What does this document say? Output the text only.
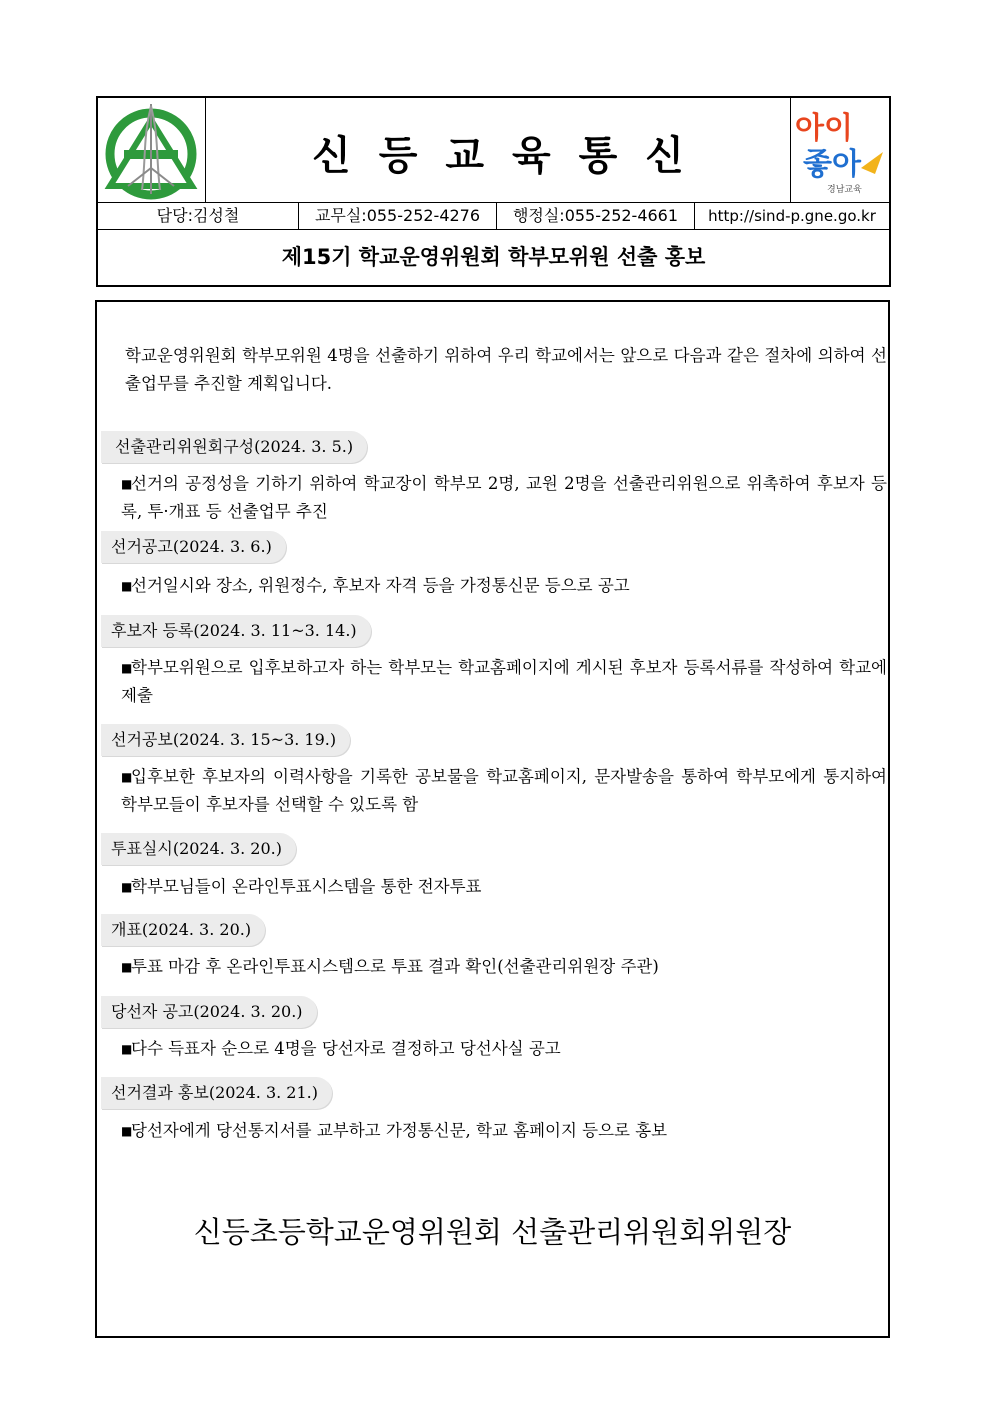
신등교육통신
아이
좋아
경남교육
담당:김성철	교무실:055-252-4276	행정실:055-252-4661	http://sind-p.gne.go.kr
제15기 학교운영위원회 학부모위원 선출 홍보
학교운영위원회 학부모위원 4명을 선출하기 위하여 우리 학교에서는 앞으로 다음과 같은 절차에 의하여 선출업무를 추진할 계획입니다.
선출관리위원회구성(2024. 3. 5.)
■선거의 공정성을 기하기 위하여 학교장이 학부모 2명, 교원 2명을 선출관리위원으로 위촉하여 후보자 등록, 투·개표 등 선출업무 추진
선거공고(2024. 3. 6.)
■선거일시와 장소, 위원정수, 후보자 자격 등을 가정통신문 등으로 공고
후보자 등록(2024. 3. 11~3. 14.)
■학부모위원으로 입후보하고자 하는 학부모는 학교홈페이지에 게시된 후보자 등록서류를 작성하여 학교에 제출
선거공보(2024. 3. 15~3. 19.)
■입후보한 후보자의 이력사항을 기록한 공보물을 학교홈페이지, 문자발송을 통하여 학부모에게 통지하여 학부모들이 후보자를 선택할 수 있도록 함
투표실시(2024. 3. 20.)
■학부모님들이 온라인투표시스템을 통한 전자투표
개표(2024. 3. 20.)
■투표 마감 후 온라인투표시스템으로 투표 결과 확인(선출관리위원장 주관)
당선자 공고(2024. 3. 20.)
■다수 득표자 순으로 4명을 당선자로 결정하고 당선사실 공고
선거결과 홍보(2024. 3. 21.)
■당선자에게 당선통지서를 교부하고 가정통신문, 학교 홈페이지 등으로 홍보
신등초등학교운영위원회 선출관리위원회위원장
